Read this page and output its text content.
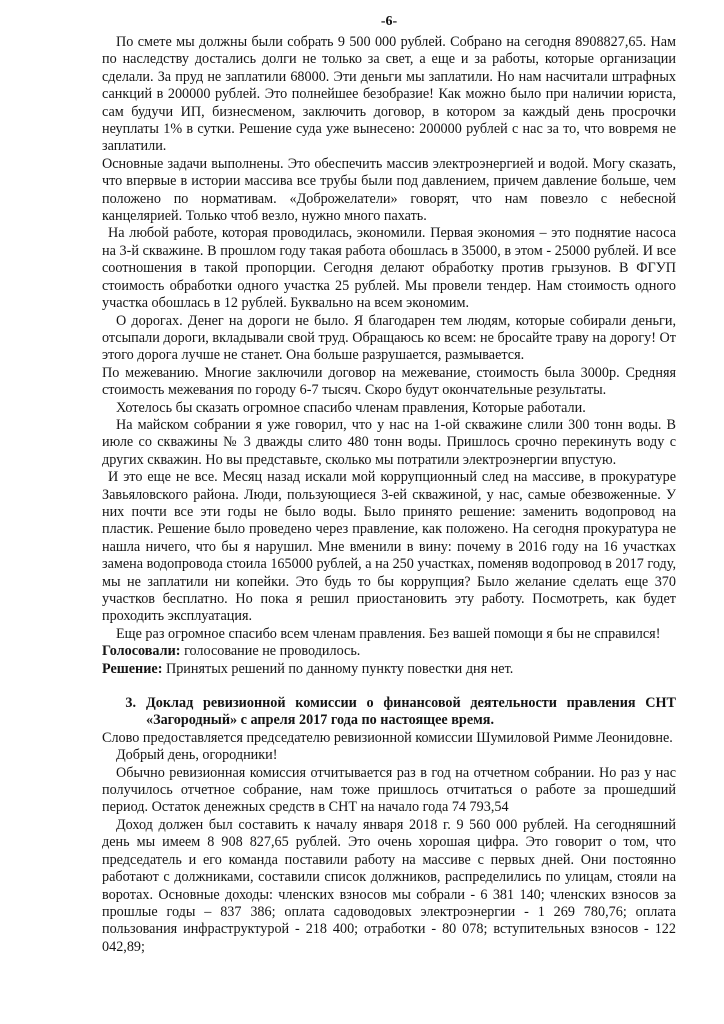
-6-

По смете мы должны были собрать 9 500 000 рублей. Собрано на сегодня 8908827,65. Нам по наследству достались долги не только за свет, а еще и за работы, которые организации сделали. За пруд не заплатили 68000. Эти деньги мы заплатили. Но нам насчитали штрафных санкций в 200000 рублей. Это полнейшее безобразие! Как можно было при наличии юриста, сам будучи ИП, бизнесменом, заключить договор, в котором за каждый день просрочки неуплаты 1% в сутки. Решение суда уже вынесено: 200000 рублей с нас за то, что вовремя не заплатили.

Основные задачи выполнены. Это обеспечить массив электроэнергией и водой. Могу сказать, что впервые в истории массива все трубы были под давлением, причем давление больше, чем положено по нормативам. «Доброжелатели» говорят, что нам повезло с небесной канцелярией. Только чтоб везло, нужно много пахать.

На любой работе, которая проводилась, экономили. Первая экономия – это поднятие насоса на 3-й скважине. В прошлом году такая работа обошлась в 35000, в этом - 25000 рублей. И все соотношения в такой пропорции. Сегодня делают обработку против грызунов. В ФГУП стоимость обработки одного участка 25 рублей. Мы провели тендер. Нам стоимость одного участка обошлась в 12 рублей. Буквально на всем экономим.

О дорогах. Денег на дороги не было. Я благодарен тем людям, которые собирали деньги, отсыпали дороги, вкладывали свой труд. Обращаюсь ко всем: не бросайте траву на дорогу! От этого дорога лучше не станет. Она больше разрушается, размывается.

По межеванию. Многие заключили договор на межевание, стоимость была 3000р. Средняя стоимость межевания по городу 6-7 тысяч. Скоро будут окончательные результаты.

Хотелось бы сказать огромное спасибо членам правления, Которые работали.

На майском собрании я уже говорил, что у нас на 1-ой скважине слили 300 тонн воды. В июле со скважины № 3 дважды слито 480 тонн воды. Пришлось срочно перекинуть воду с других скважин. Но вы представьте, сколько мы потратили электроэнергии впустую.

И это еще не все. Месяц назад искали мой коррупционный след на массиве, в прокуратуре Завьяловского района. Люди, пользующиеся 3-ей скважиной, у нас, самые обезвоженные. У них почти все эти годы не было воды. Было принято решение: заменить водопровод на пластик. Решение было проведено через правление, как положено. На сегодня прокуратура не нашла ничего, что бы я нарушил. Мне вменили в вину: почему в 2016 году на 16 участках замена водопровода стоила 165000 рублей, а на 250 участках, поменяв водопровод в 2017 году, мы не заплатили ни копейки. Это будь то бы коррупция? Было желание сделать еще 370 участков бесплатно. Но пока я решил приостановить эту работу. Посмотреть, как будет проходить эксплуатация.

Еще раз огромное спасибо всем членам правления. Без вашей помощи я бы не справился!

Голосовали: голосование не проводилось.

Решение: Принятых решений по данному пункту повестки дня нет.

3. Доклад ревизионной комиссии о финансовой деятельности правления СНТ «Загородный» с апреля 2017 года по настоящее время.

Слово предоставляется председателю ревизионной комиссии Шумиловой Римме Леонидовне.

Добрый день, огородники!

Обычно ревизионная комиссия отчитывается раз в год на отчетном собрании. Но раз у нас получилось отчетное собрание, нам тоже пришлось отчитаться о работе за прошедший период. Остаток денежных средств в СНТ на начало года 74 793,54

Доход должен был составить к началу января 2018 г. 9 560 000 рублей. На сегодняшний день мы имеем 8 908 827,65 рублей. Это очень хорошая цифра. Это говорит о том, что председатель и его команда поставили работу на массиве с первых дней. Они постоянно работают с должниками, составили список должников, распределились по улицам, стояли на воротах. Основные доходы: членских взносов мы собрали - 6 381 140; членских взносов за прошлые годы – 837 386; оплата садоводовых электроэнергии - 1 269 780,76; оплата пользования инфраструктурой - 218 400; отработки - 80 078; вступительных взносов - 122 042,89;
